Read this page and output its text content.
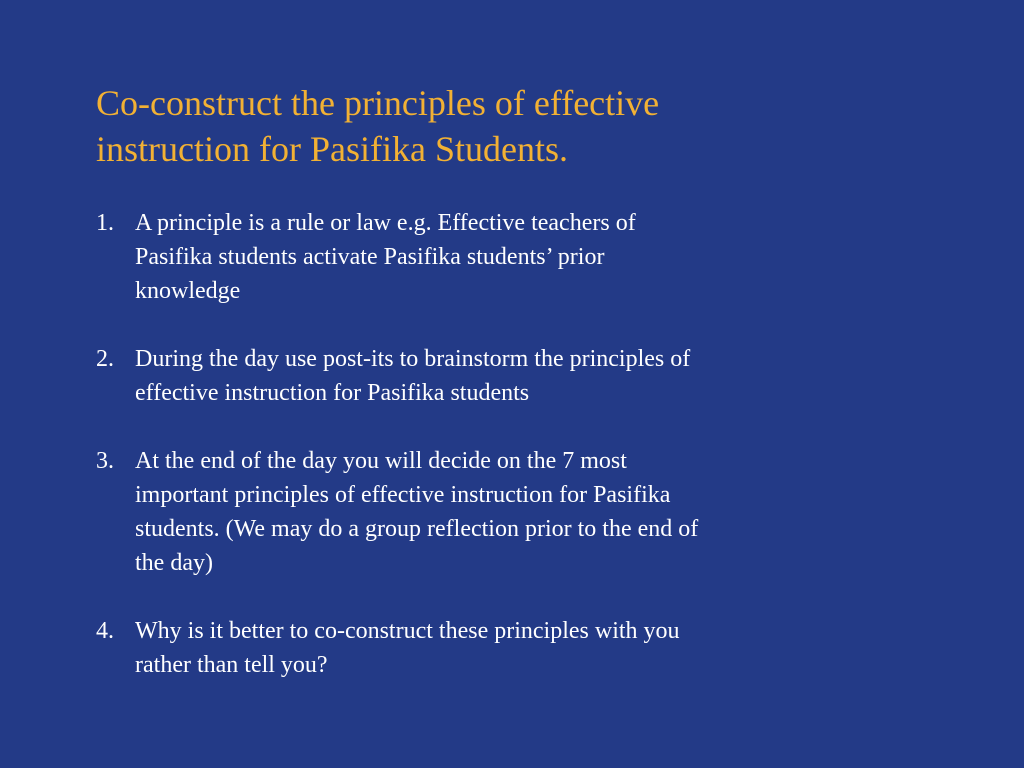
Co-construct the principles of effective
instruction for Pasifika Students.
1. A principle is a rule or law e.g. Effective teachers of
Pasifika students activate Pasifika students’ prior
knowledge
2. During the day use post-its to brainstorm the principles of
effective instruction for Pasifika students
3. At the end of the day you will decide on the 7 most
important principles of effective instruction for Pasifika
students. (We may do a group reflection prior to the end of
the day)
4. Why is it better to co-construct these principles with you
rather than tell you?
